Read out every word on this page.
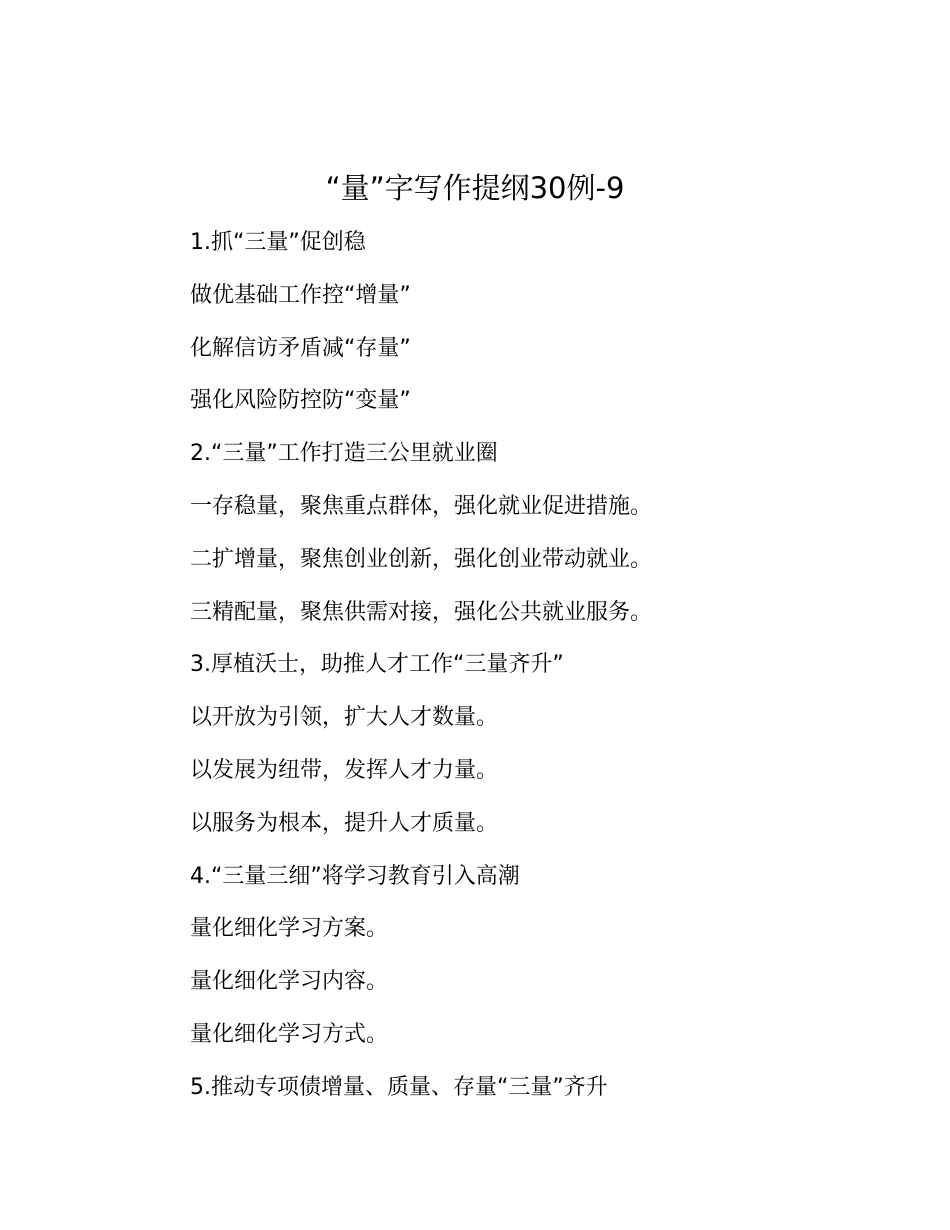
“量”字写作提纲30例-9
1.抓“三量”促创稳
做优基础工作控“增量”
化解信访矛盾减“存量”
强化风险防控防“变量”
2.“三量”工作打造三公里就业圈
一存稳量，聚焦重点群体，强化就业促进措施。
二扩增量，聚焦创业创新，强化创业带动就业。
三精配量，聚焦供需对接，强化公共就业服务。
3.厚植沃士，助推人才工作“三量齐升”
以开放为引领，扩大人才数量。
以发展为纽带，发挥人才力量。
以服务为根本，提升人才质量。
4.“三量三细”将学习教育引入高潮
量化细化学习方案。
量化细化学习内容。
量化细化学习方式。
5.推动专项债增量、质量、存量“三量”齐升
